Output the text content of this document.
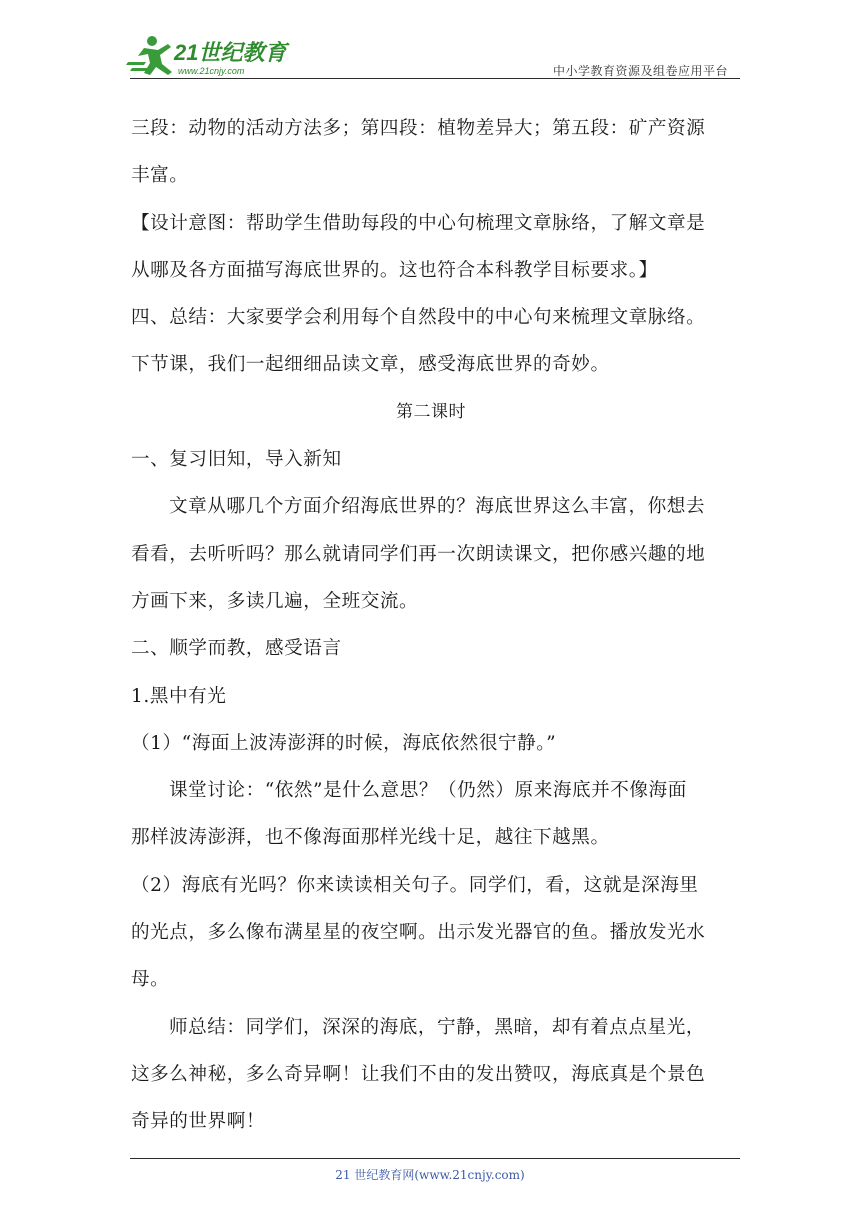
21世纪教育
www.21cnjy.com	中小学教育资源及组卷应用平台
三段：动物的活动方法多；第四段：植物差异大；第五段：矿产资源
丰富。
【设计意图：帮助学生借助每段的中心句梳理文章脉络，了解文章是
从哪及各方面描写海底世界的。这也符合本科教学目标要求。】
四、总结：大家要学会利用每个自然段中的中心句来梳理文章脉络。
下节课，我们一起细细品读文章，感受海底世界的奇妙。
第二课时
一、复习旧知，导入新知
文章从哪几个方面介绍海底世界的？海底世界这么丰富，你想去
看看，去听听吗？那么就请同学们再一次朗读课文，把你感兴趣的地
方画下来，多读几遍，全班交流。
二、顺学而教，感受语言
1.黑中有光
（1）“海面上波涛澎湃的时候，海底依然很宁静。”
课堂讨论：“依然”是什么意思？（仍然）原来海底并不像海面
那样波涛澎湃，也不像海面那样光线十足，越往下越黑。
（2）海底有光吗？你来读读相关句子。同学们，看，这就是深海里
的光点，多么像布满星星的夜空啊。出示发光器官的鱼。播放发光水
母。
师总结：同学们，深深的海底，宁静，黑暗，却有着点点星光，
这多么神秘，多么奇异啊！让我们不由的发出赞叹，海底真是个景色
奇异的世界啊！
21 世纪教育网(www.21cnjy.com)
